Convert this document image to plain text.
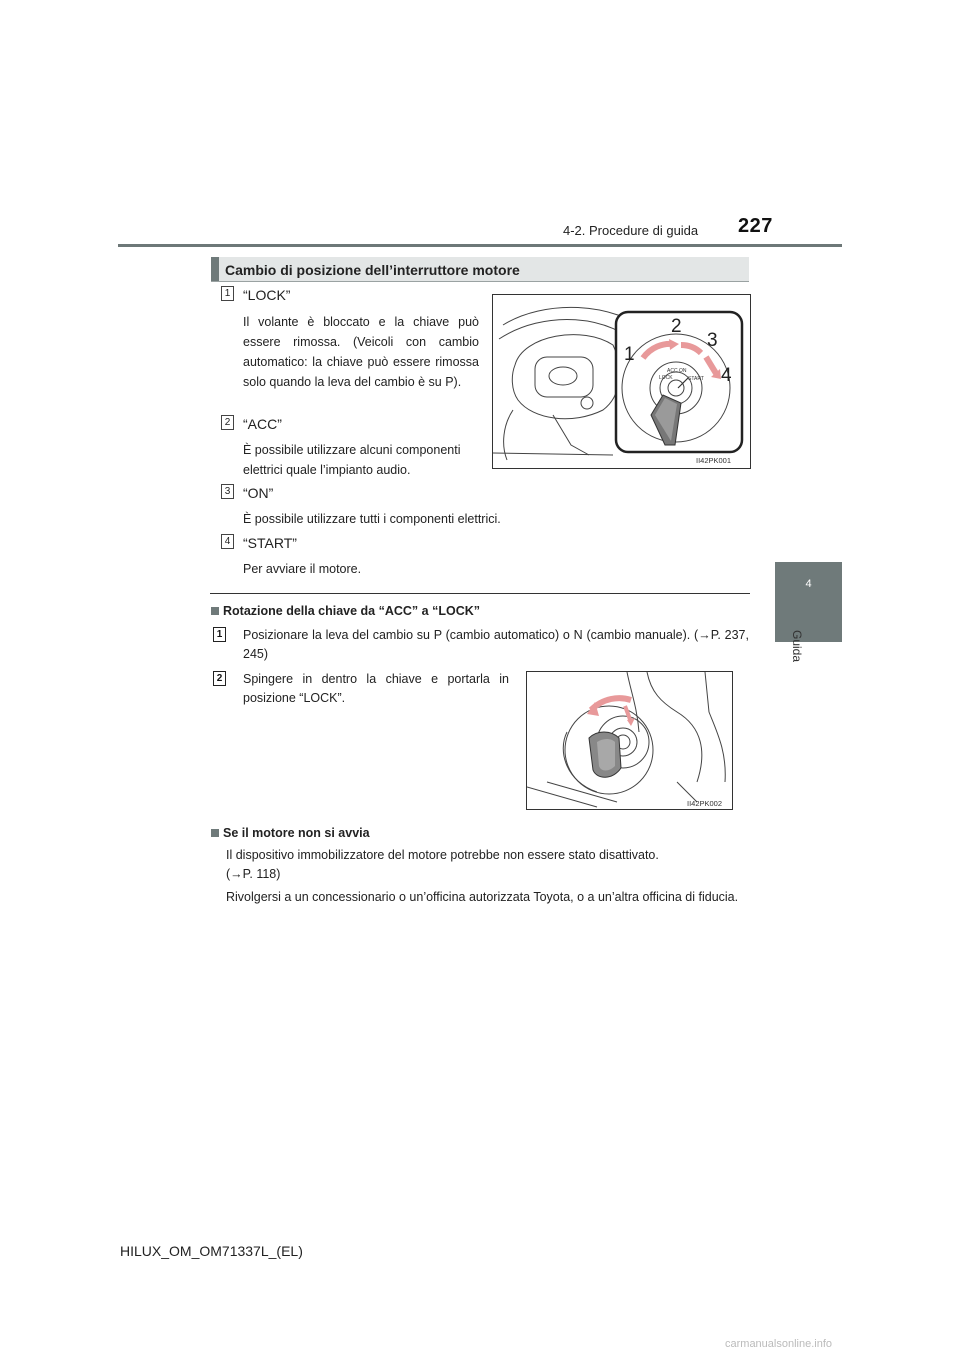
4-2. Procedure di guida 227
4
Guida
Cambio di posizione dell’interruttore motore
1 “LOCK”
Il volante è bloccato e la chiave può essere rimossa. (Veicoli con cambio automatico: la chiave può essere rimossa solo quando la leva del cambio è su P).
2 “ACC”
È possibile utilizzare alcuni componenti elettrici quale l’impianto audio.
3 “ON”
È possibile utilizzare tutti i componenti elettrici.
4 “START”
Per avviare il motore.
1
2
3
4
LOCK
ACC ON
START
II42PK001
Rotazione della chiave da “ACC” a “LOCK”
1 Posizionare la leva del cambio su P (cambio automatico) o N (cambio manuale). (→P. 237, 245)
2 Spingere in dentro la chiave e portarla in posizione “LOCK”.
II42PK002
Se il motore non si avvia
Il dispositivo immobilizzatore del motore potrebbe non essere stato disattivato.
(→P. 118)
Rivolgersi a un concessionario o un’officina autorizzata Toyota, o a un’altra officina di fiducia.
HILUX_OM_OM71337L_(EL)
carmanualsonline.info
